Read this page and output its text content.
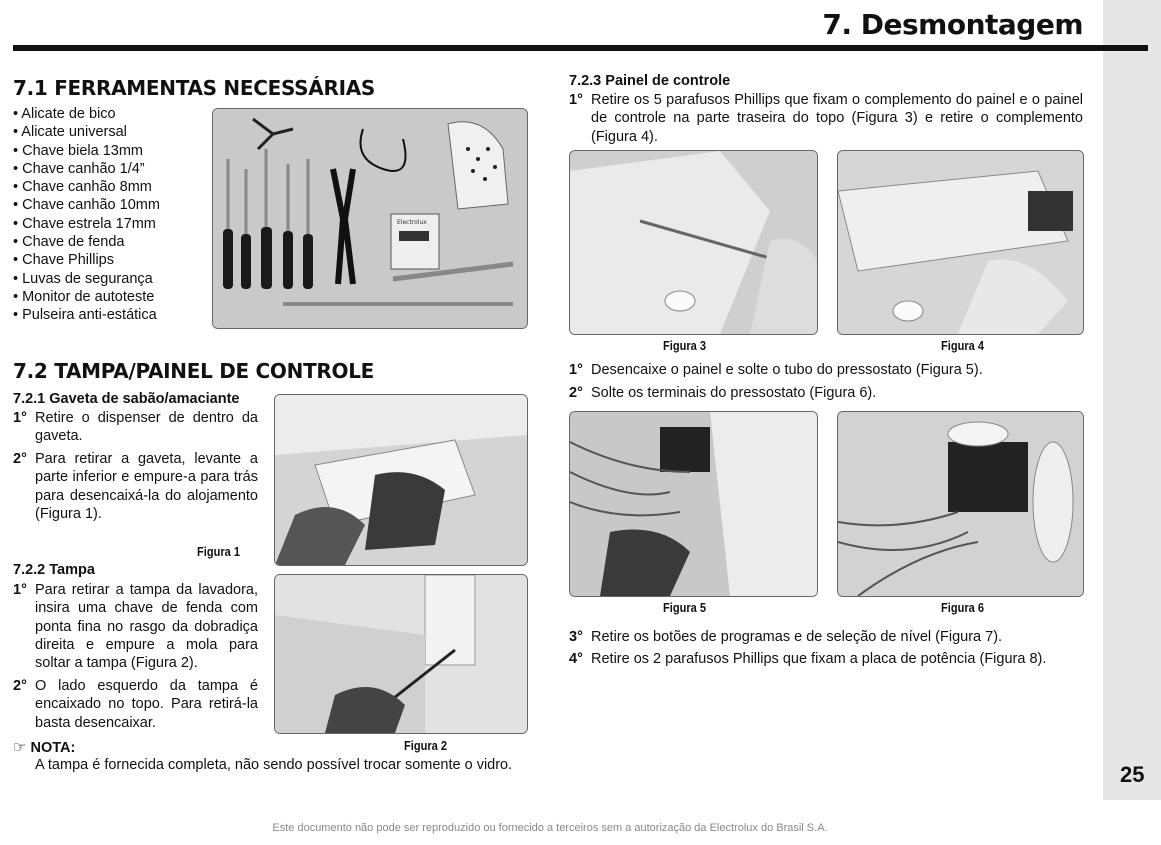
7. Desmontagem
7.1 FERRAMENTAS NECESSÁRIAS
• Alicate de bico
• Alicate universal
• Chave biela 13mm
• Chave canhão 1/4”
• Chave canhão 8mm
• Chave canhão 10mm
• Chave estrela 17mm
• Chave de fenda
• Chave Phillips
• Luvas de segurança
• Monitor de autoteste
• Pulseira anti-estática
Electrolux
7.2 TAMPA/PAINEL DE CONTROLE
7.2.1 Gaveta de sabão/amaciante
1° Retire o dispenser de dentro da gaveta.
2° Para retirar a gaveta, levante a parte inferior e empure-a para trás para desencaixá-la do alojamento (Figura 1).
Figura 1
7.2.2 Tampa
1° Para retirar a tampa da lavadora, insira uma chave de fenda com ponta fina no rasgo da dobradiça direita e empure a mola para soltar a tampa (Figura 2).
2° O lado esquerdo da tampa é encaixado no topo. Para retirá-la basta desencaixar.
Figura 2
☞ NOTA:
A tampa é fornecida completa, não sendo possível trocar somente o vidro.
7.2.3 Painel de controle
1° Retire os 5 parafusos Phillips que fixam o complemento do painel e o painel de controle na parte traseira do topo (Figura 3) e retire o complemento (Figura 4).
Figura 3	Figura 4
1° Desencaixe o painel e solte o tubo do pressostato (Figura 5).
2° Solte os terminais do pressostato (Figura 6).
Figura 5	Figura 6
3° Retire os botões de programas e de seleção de nível (Figura 7).
4° Retire os 2 parafusos Phillips que fixam a placa de potência (Figura 8).
25
Este documento não pode ser reproduzido ou fornecido a terceiros sem a autorização da Electrolux do Brasil S.A.
